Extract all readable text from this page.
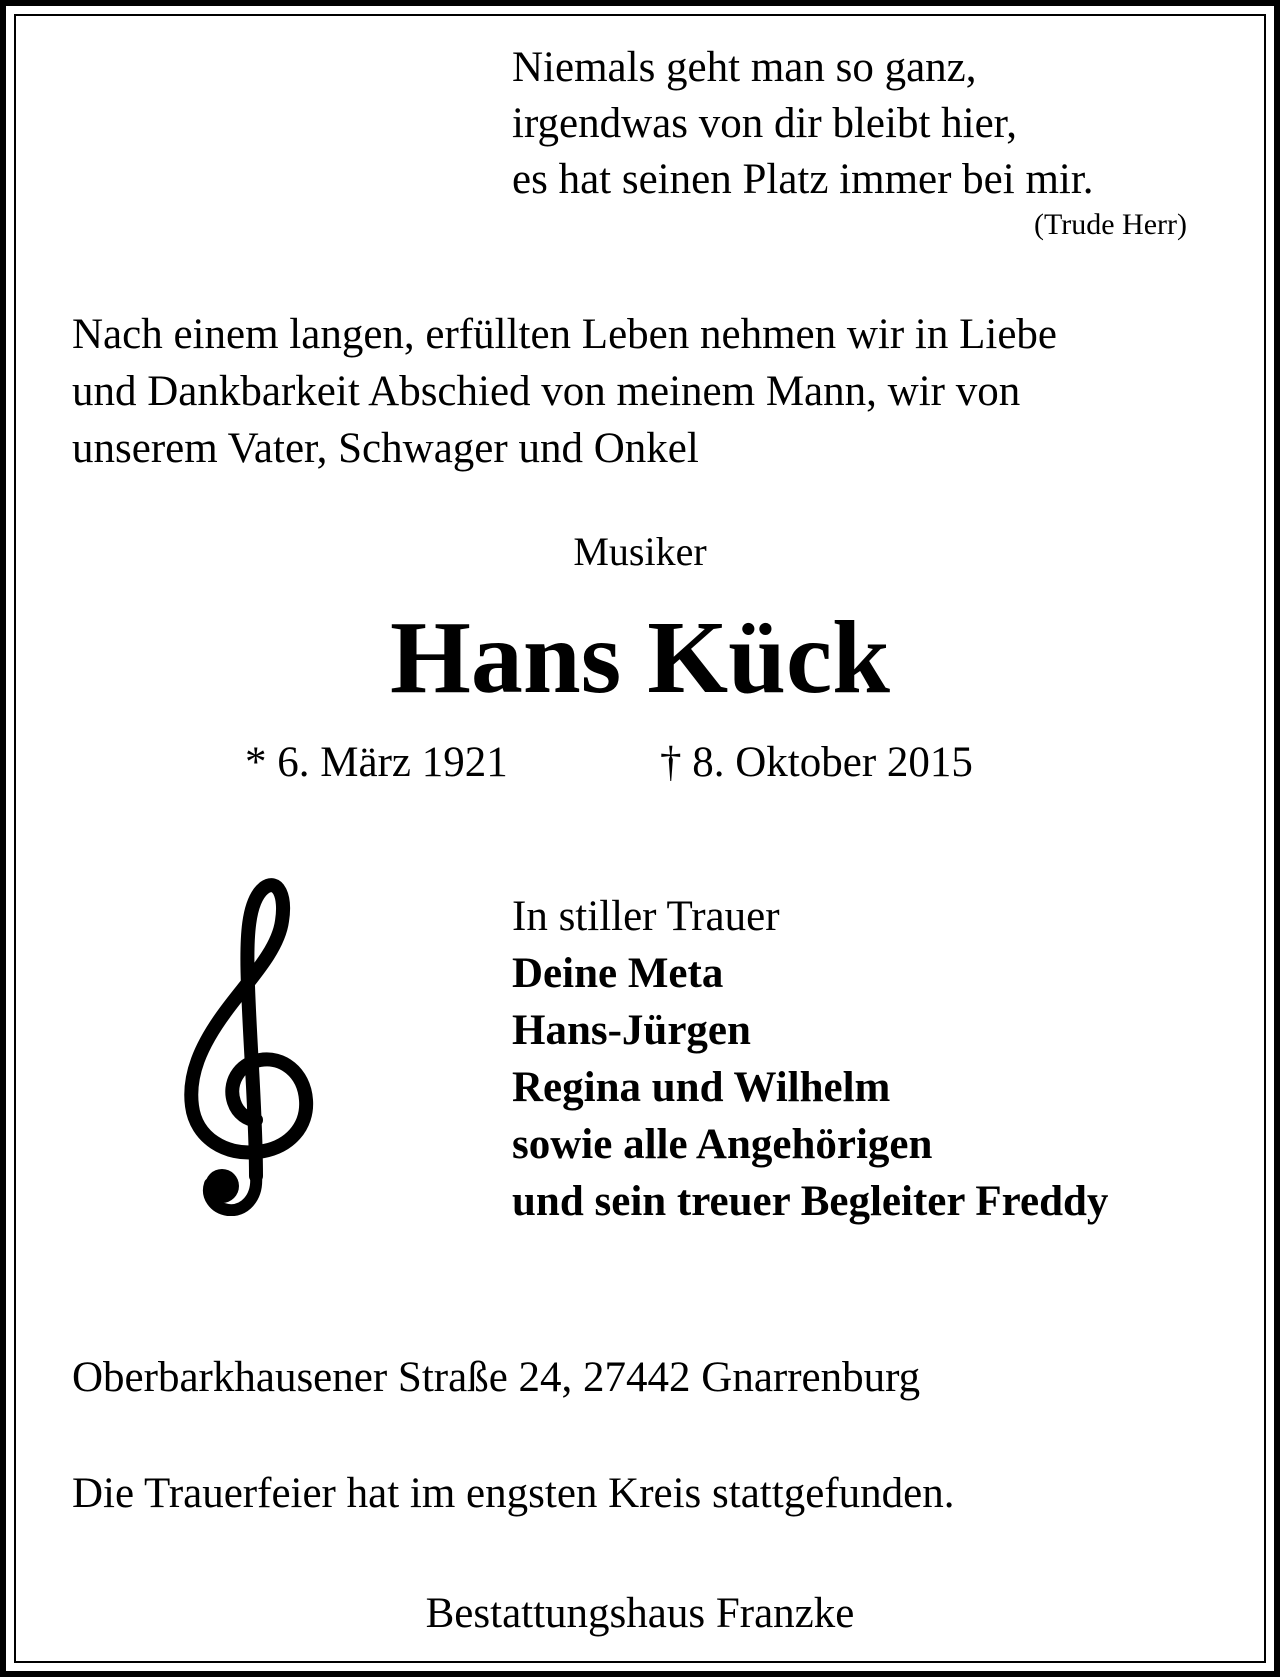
Niemals geht man so ganz,
irgendwas von dir bleibt hier,
es hat seinen Platz immer bei mir.
(Trude Herr)
Nach einem langen, erfüllten Leben nehmen wir in Liebe
und Dankbarkeit Abschied von meinem Mann, wir von
unserem Vater, Schwager und Onkel
Musiker
Hans Kück
* 6. März 1921	† 8. Oktober 2015
In stiller Trauer
Deine Meta
Hans-Jürgen
Regina und Wilhelm
sowie alle Angehörigen
und sein treuer Begleiter Freddy
Oberbarkhausener Straße 24, 27442 Gnarrenburg
Die Trauerfeier hat im engsten Kreis stattgefunden.
Bestattungshaus Franzke
